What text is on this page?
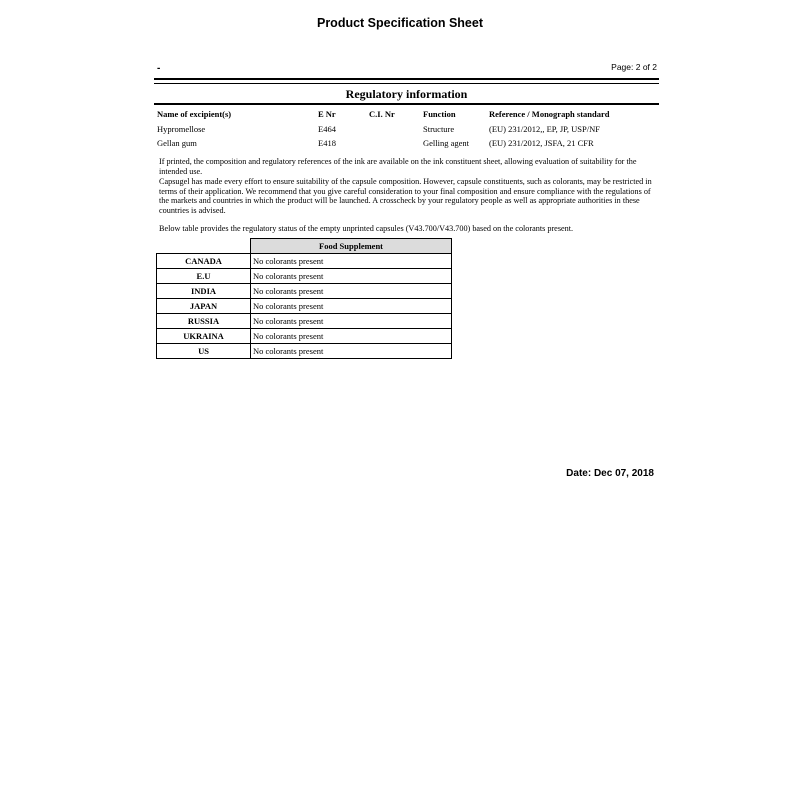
Product Specification Sheet
-	Page: 2 of 2
Regulatory information
Name of excipient(s)	E Nr	C.I. Nr	Function	Reference / Monograph standard
Hypromellose	E464		Structure	(EU) 231/2012,, EP, JP, USP/NF
Gellan gum	E418		Gelling agent	(EU) 231/2012, JSFA, 21 CFR
If printed, the composition and regulatory references of the ink are available on the ink constituent sheet, allowing evaluation of suitability for the intended use.
Capsugel has made every effort to ensure suitability of the capsule composition. However, capsule constituents, such as colorants, may be restricted in terms of their application. We recommend that you give careful consideration to your final composition and ensure compliance with the regulations of the markets and countries in which the product will be launched. A crosscheck by your regulatory people as well as appropriate authorities in these countries is advised.
Below table provides the regulatory status of the empty unprinted capsules (V43.700/V43.700) based on the colorants present.
	Food Supplement
CANADA	No colorants present
E.U	No colorants present
INDIA	No colorants present
JAPAN	No colorants present
RUSSIA	No colorants present
UKRAINA	No colorants present
US	No colorants present
Date: Dec 07, 2018
